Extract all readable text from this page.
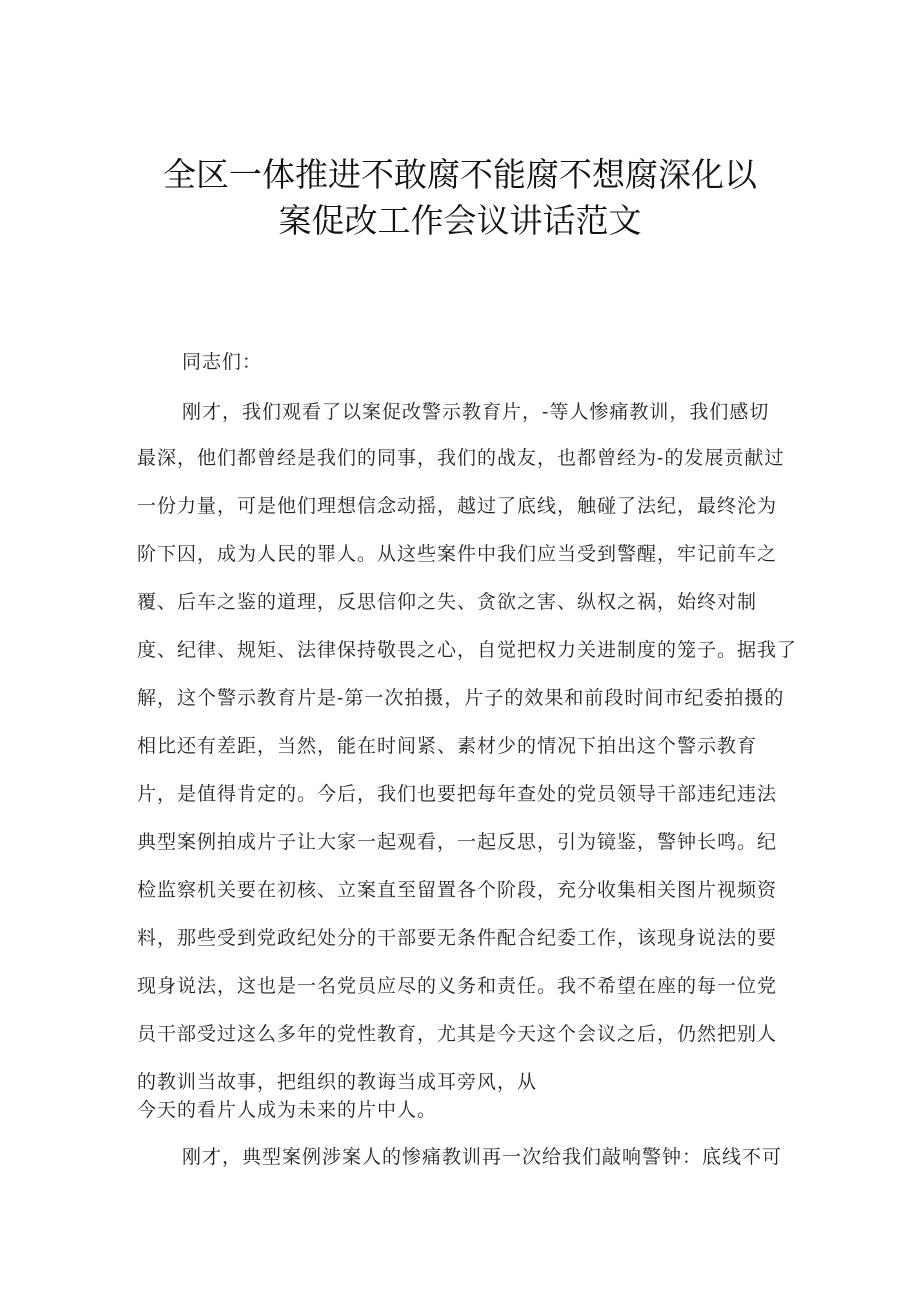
全区一体推进不敢腐不能腐不想腐深化以
案促改工作会议讲话范文

同志们：

刚才，我们观看了以案促改警示教育片，-等人惨痛教训，我们感切

最深，他们都曾经是我们的同事，我们的战友，也都曾经为-的发展贡献过

一份力量，可是他们理想信念动摇，越过了底线，触碰了法纪，最终沦为

阶下囚，成为人民的罪人。从这些案件中我们应当受到警醒，牢记前车之

覆、后车之鉴的道理，反思信仰之失、贪欲之害、纵权之祸，始终对制

度、纪律、规矩、法律保持敬畏之心，自觉把权力关进制度的笼子。据我了

解，这个警示教育片是-第一次拍摄，片子的效果和前段时间市纪委拍摄的

相比还有差距，当然，能在时间紧、素材少的情况下拍出这个警示教育

片，是值得肯定的。今后，我们也要把每年查处的党员领导干部违纪违法

典型案例拍成片子让大家一起观看，一起反思，引为镜鉴，警钟长鸣。纪

检监察机关要在初核、立案直至留置各个阶段，充分收集相关图片视频资

料，那些受到党政纪处分的干部要无条件配合纪委工作，该现身说法的要

现身说法，这也是一名党员应尽的义务和责任。我不希望在座的每一位党

员干部受过这么多年的党性教育，尤其是今天这个会议之后，仍然把别人

的教训当故事，把组织的教诲当成耳旁风，从

今天的看片人成为未来的片中人。

刚才，典型案例涉案人的惨痛教训再一次给我们敲响警钟：底线不可
